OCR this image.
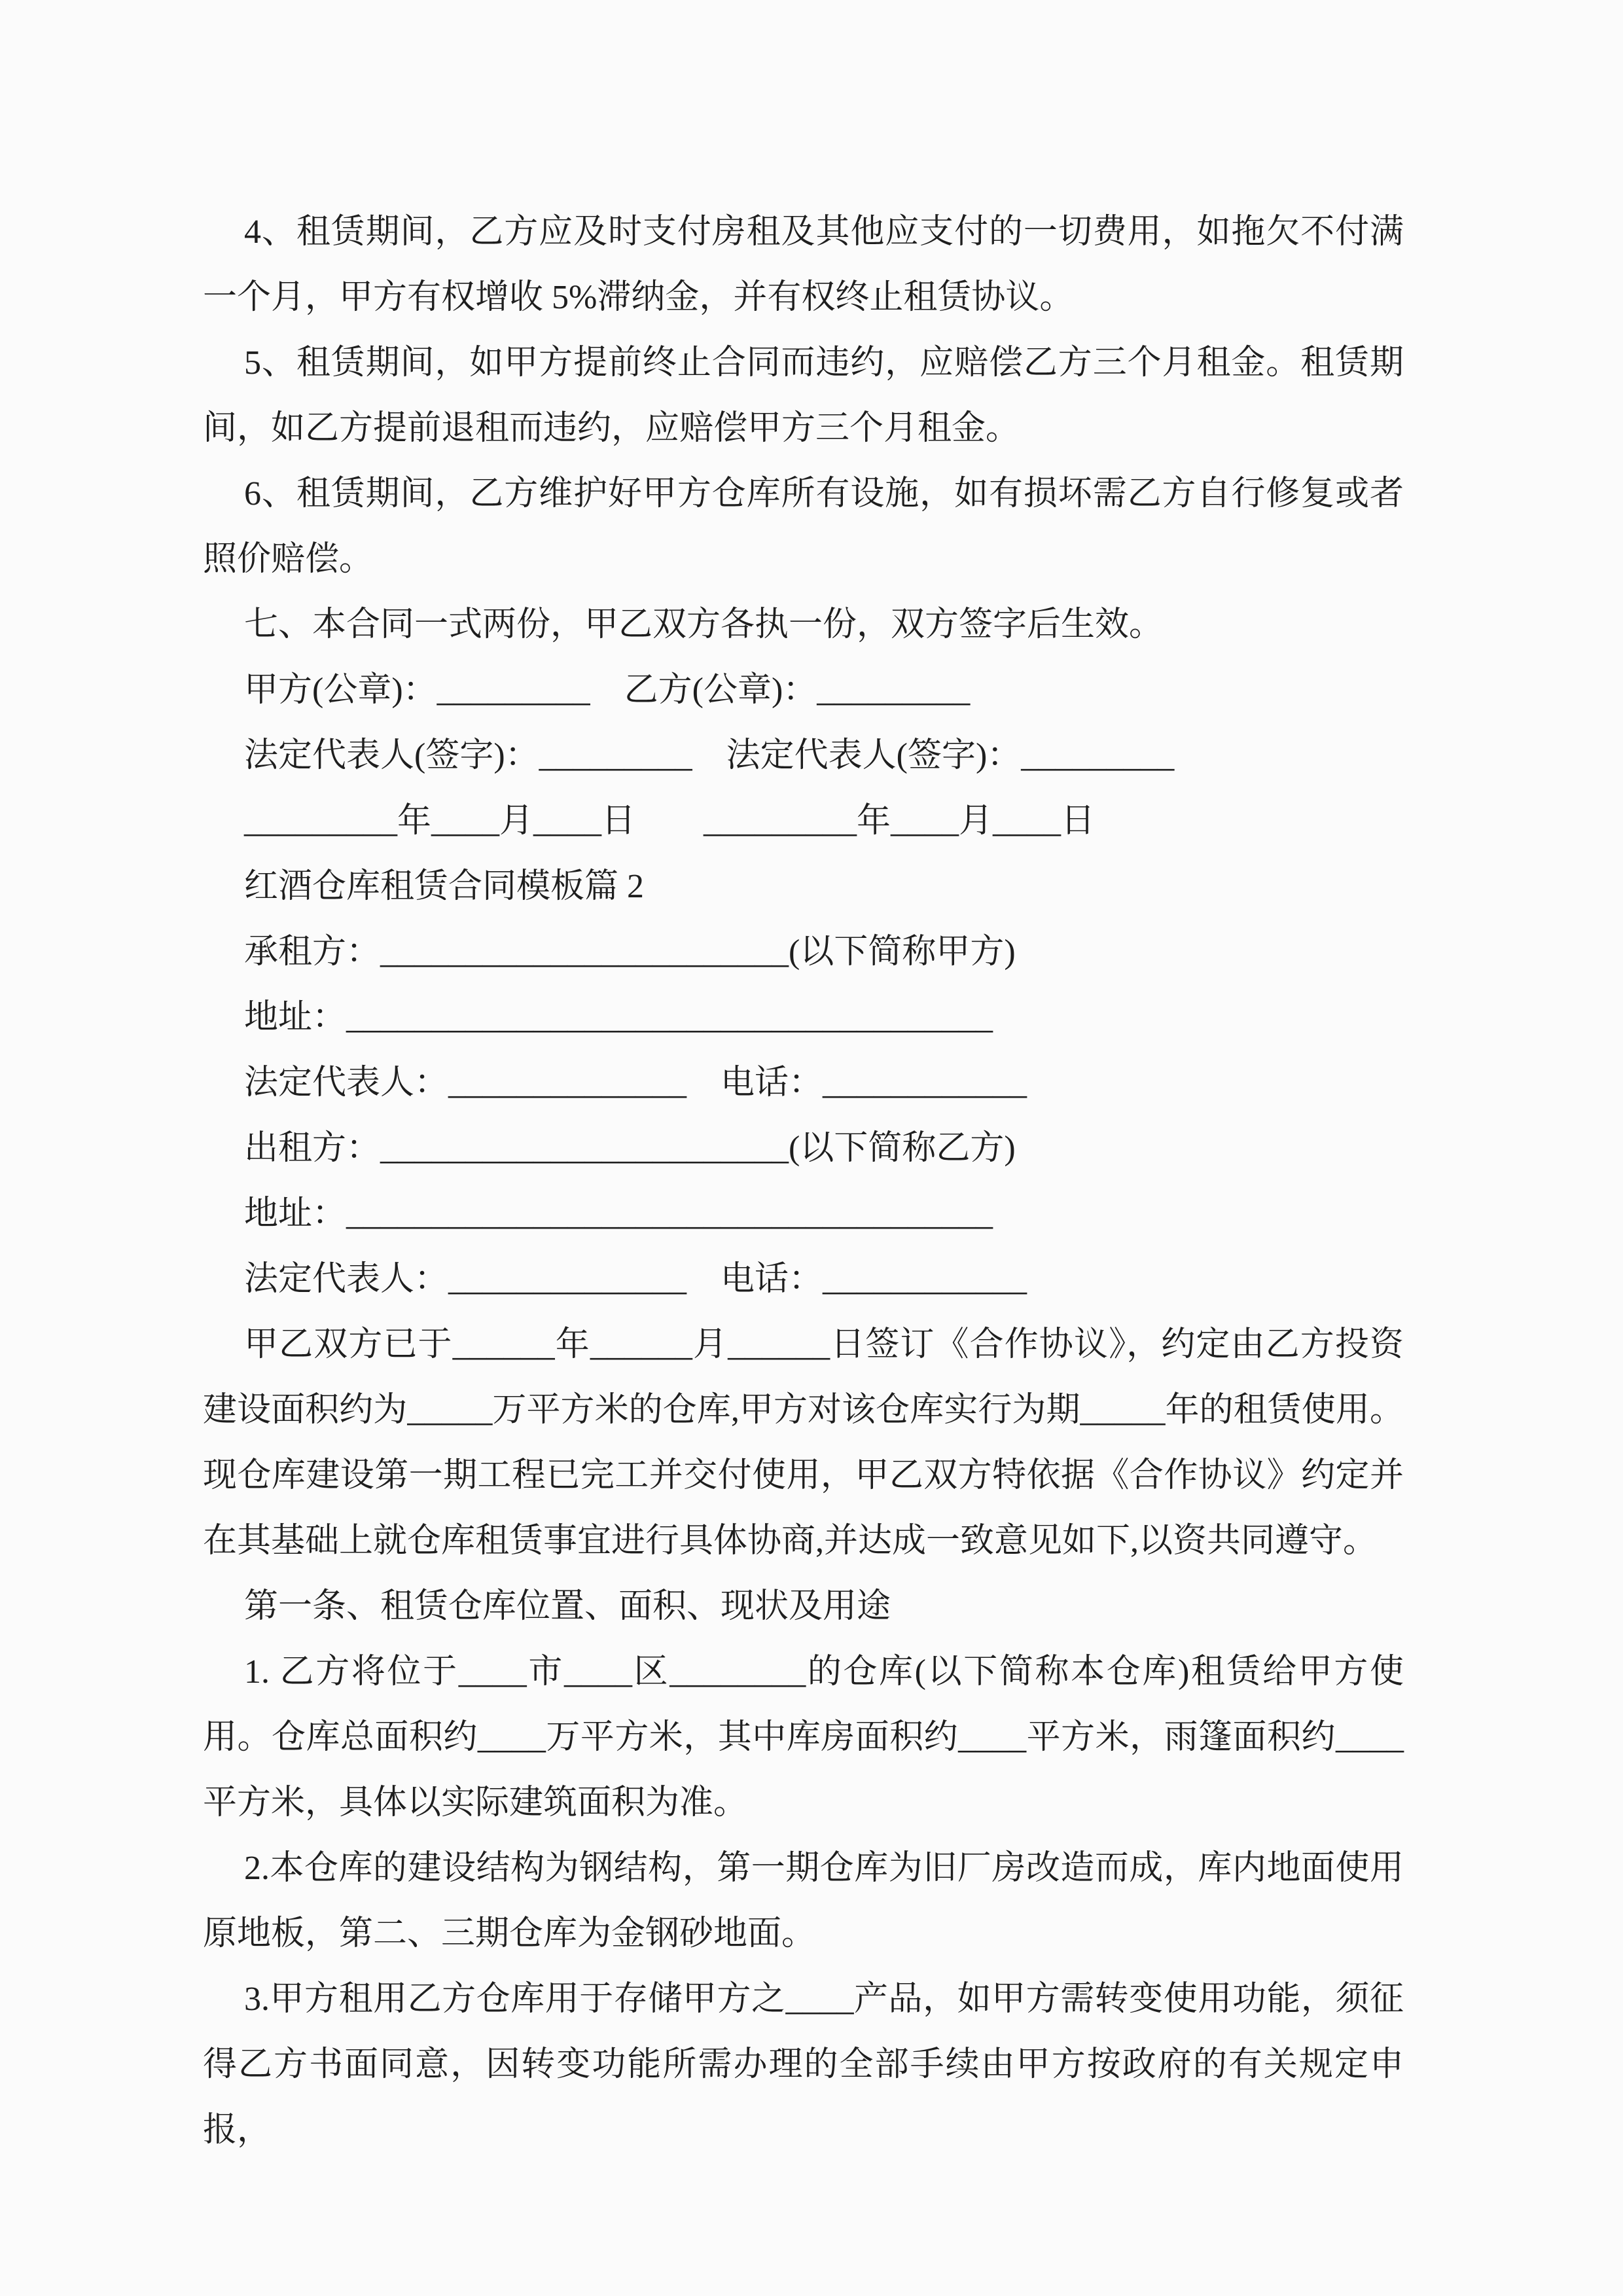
4、租赁期间，乙方应及时支付房租及其他应支付的一切费用，如拖欠不付满一个月，甲方有权增收 5%滞纳金，并有权终止租赁协议。

5、租赁期间，如甲方提前终止合同而违约，应赔偿乙方三个月租金。租赁期间，如乙方提前退租而违约，应赔偿甲方三个月租金。

6、租赁期间，乙方维护好甲方仓库所有设施，如有损坏需乙方自行修复或者照价赔偿。

七、本合同一式两份，甲乙双方各执一份，双方签字后生效。

甲方(公章)：_________　乙方(公章)：_________

法定代表人(签字)：_________　法定代表人(签字)：_________

_________年____月____日　　_________年____月____日

红酒仓库租赁合同模板篇 2

承租方：________________________(以下简称甲方)

地址：______________________________________

法定代表人：______________　电话：____________

出租方：________________________(以下简称乙方)

地址：______________________________________

法定代表人：______________　电话：____________

甲乙双方已于______年______月______日签订《合作协议》，约定由乙方投资建设面积约为_____万平方米的仓库,甲方对该仓库实行为期_____年的租赁使用。现仓库建设第一期工程已完工并交付使用，甲乙双方特依据《合作协议》约定并在其基础上就仓库租赁事宜进行具体协商,并达成一致意见如下,以资共同遵守。

第一条、租赁仓库位置、面积、现状及用途

1. 乙方将位于____市____区________的仓库(以下简称本仓库)租赁给甲方使用。仓库总面积约____万平方米，其中库房面积约____平方米，雨篷面积约____平方米，具体以实际建筑面积为准。

2.本仓库的建设结构为钢结构，第一期仓库为旧厂房改造而成，库内地面使用原地板，第二、三期仓库为金钢砂地面。

3.甲方租用乙方仓库用于存储甲方之____产品，如甲方需转变使用功能，须征得乙方书面同意，因转变功能所需办理的全部手续由甲方按政府的有关规定申报，
